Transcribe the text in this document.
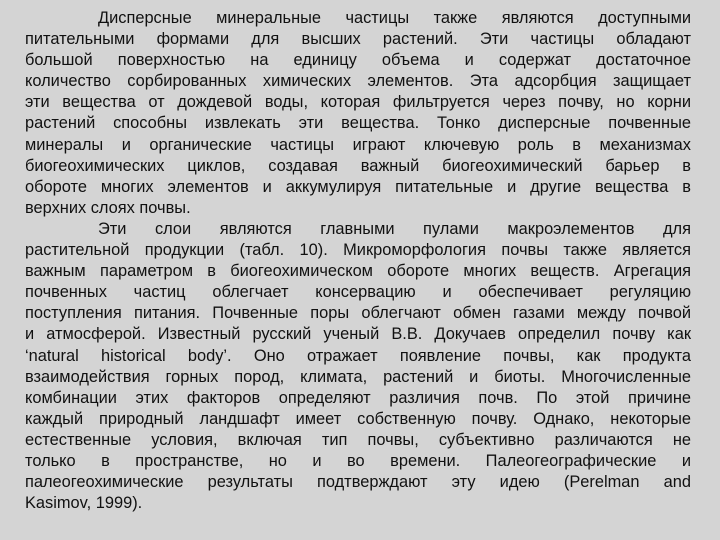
Дисперсные минеральные частицы также являются доступными
питательными формами для высших растений. Эти частицы обладают
большой поверхностью на единицу объема и содержат достаточное
количество сорбированных химических элементов. Эта адсорбция защищает
эти вещества от дождевой воды, которая фильтруется через почву, но корни
растений способны извлекать эти вещества. Тонко дисперсные почвенные
минералы и органические частицы играют ключевую роль в механизмах
биогеохимических циклов, создавая важный биогеохимический барьер в
обороте многих элементов и аккумулируя питательные и другие вещества в
верхних слоях почвы.
Эти слои являются главными пулами макроэлементов для
растительной продукции (табл. 10). Микроморфология почвы также является
важным параметром в биогеохимическом обороте многих веществ. Агрегация
почвенных частиц облегчает консервацию и обеспечивает регуляцию
поступления питания. Почвенные поры облегчают обмен газами между почвой
и атмосферой. Известный русский ученый В.В. Докучаев определил почву как
‘natural historical body’. Оно отражает появление почвы, как продукта
взаимодействия горных пород, климата, растений и биоты. Многочисленные
комбинации этих факторов определяют различия почв. По этой причине
каждый природный ландшафт имеет собственную почву. Однако, некоторые
естественные условия, включая тип почвы, субъективно различаются не
только в пространстве, но и во времени. Палеогеографические и
палеогеохимические результаты подтверждают эту идею (Perelman and
Kasimov, 1999).
